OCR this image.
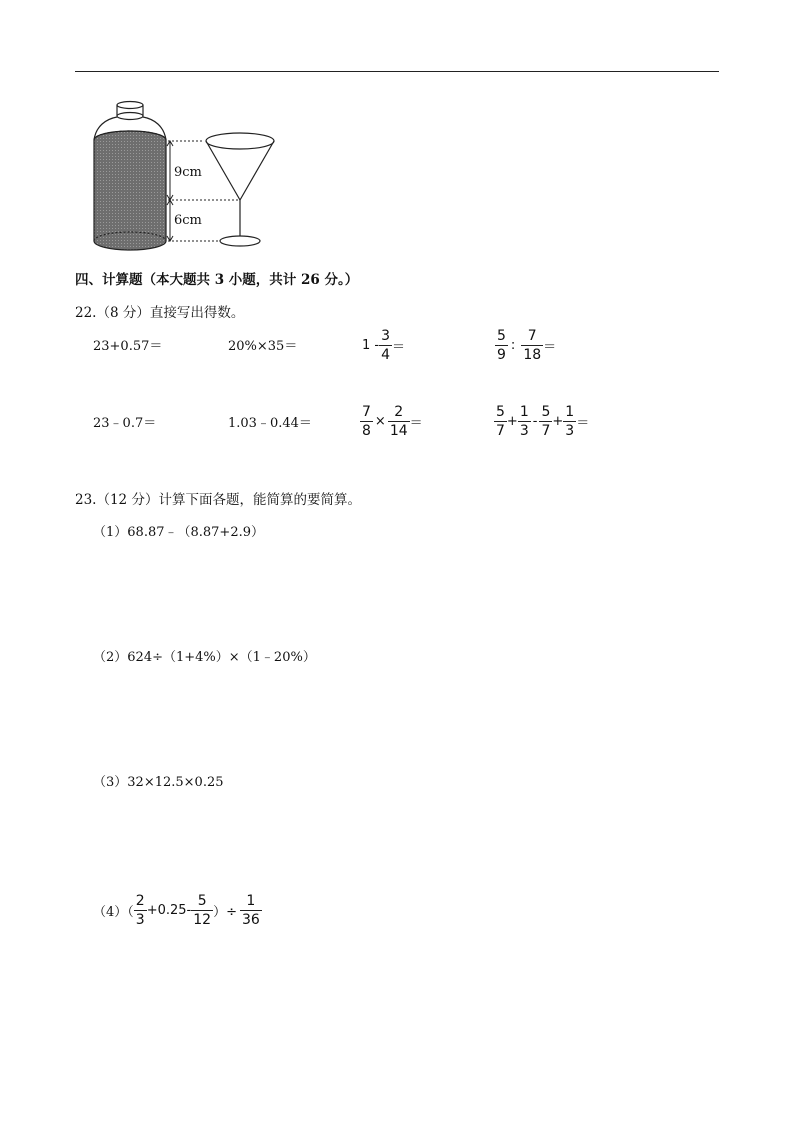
9cm
6cm
四、计算题（本大题共 3 小题，共计 26 分。）
22.（8 分）直接写出得数。
23+0.57＝	20%×35＝	$1 - \frac{3}{4}$ ＝	$\frac{5}{9}$ : $\frac{7}{18}$ ＝
23﹣0.7＝	1.03﹣0.44＝	$\frac{7}{8} \times \frac{2}{14}$ ＝	$\frac{5}{7} + \frac{1}{3} - \frac{5}{7} + \frac{1}{3}$ ＝
23.（12 分）计算下面各题，能简算的要简算。
（1）68.87﹣（8.87+2.9）
（2）624÷（1+4%）×（1﹣20%）
（3）32×12.5×0.25
$(4)( \frac{2}{3} +0.25- \frac{5}{12}$ ）÷ $\frac{1}{36}$
